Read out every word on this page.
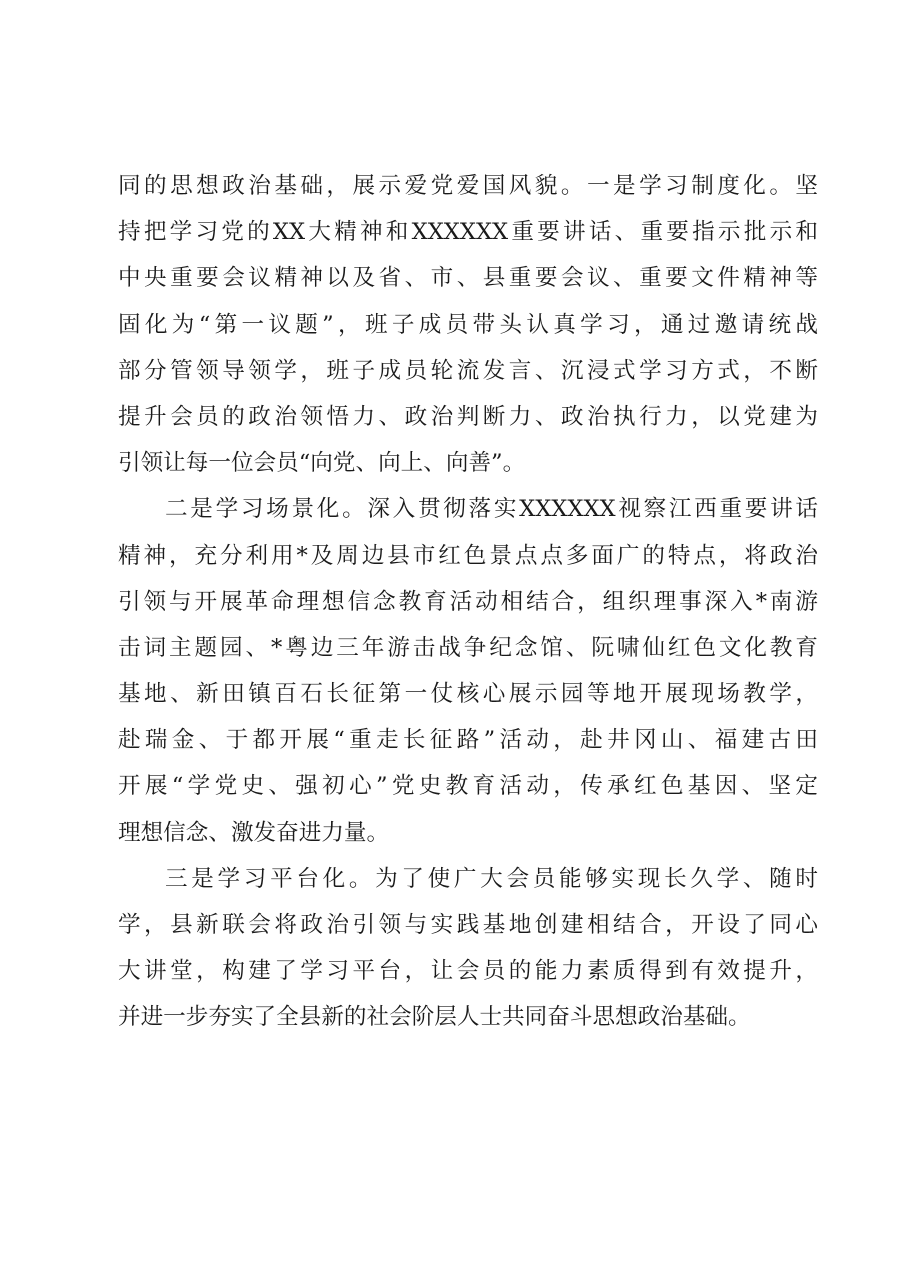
同的思想政治基础，展示爱党爱国风貌。一是学习制度化。坚
持把学习党的XX大精神和XXXXXX重要讲话、重要指示批示和
中央重要会议精神以及省、市、县重要会议、重要文件精神等
固化为“第一议题”，班子成员带头认真学习，通过邀请统战
部分管领导领学，班子成员轮流发言、沉浸式学习方式，不断
提升会员的政治领悟力、政治判断力、政治执行力，以党建为
引领让每一位会员“向党、向上、向善”。
二是学习场景化。深入贯彻落实XXXXXX视察江西重要讲话
精神，充分利用*及周边县市红色景点点多面广的特点，将政治
引领与开展革命理想信念教育活动相结合，组织理事深入*南游
击词主题园、*粤边三年游击战争纪念馆、阮啸仙红色文化教育
基地、新田镇百石长征第一仗核心展示园等地开展现场教学，
赴瑞金、于都开展“重走长征路”活动，赴井冈山、福建古田
开展“学党史、强初心”党史教育活动，传承红色基因、坚定
理想信念、激发奋进力量。
三是学习平台化。为了使广大会员能够实现长久学、随时
学，县新联会将政治引领与实践基地创建相结合，开设了同心
大讲堂，构建了学习平台，让会员的能力素质得到有效提升，
并进一步夯实了全县新的社会阶层人士共同奋斗思想政治基础。
